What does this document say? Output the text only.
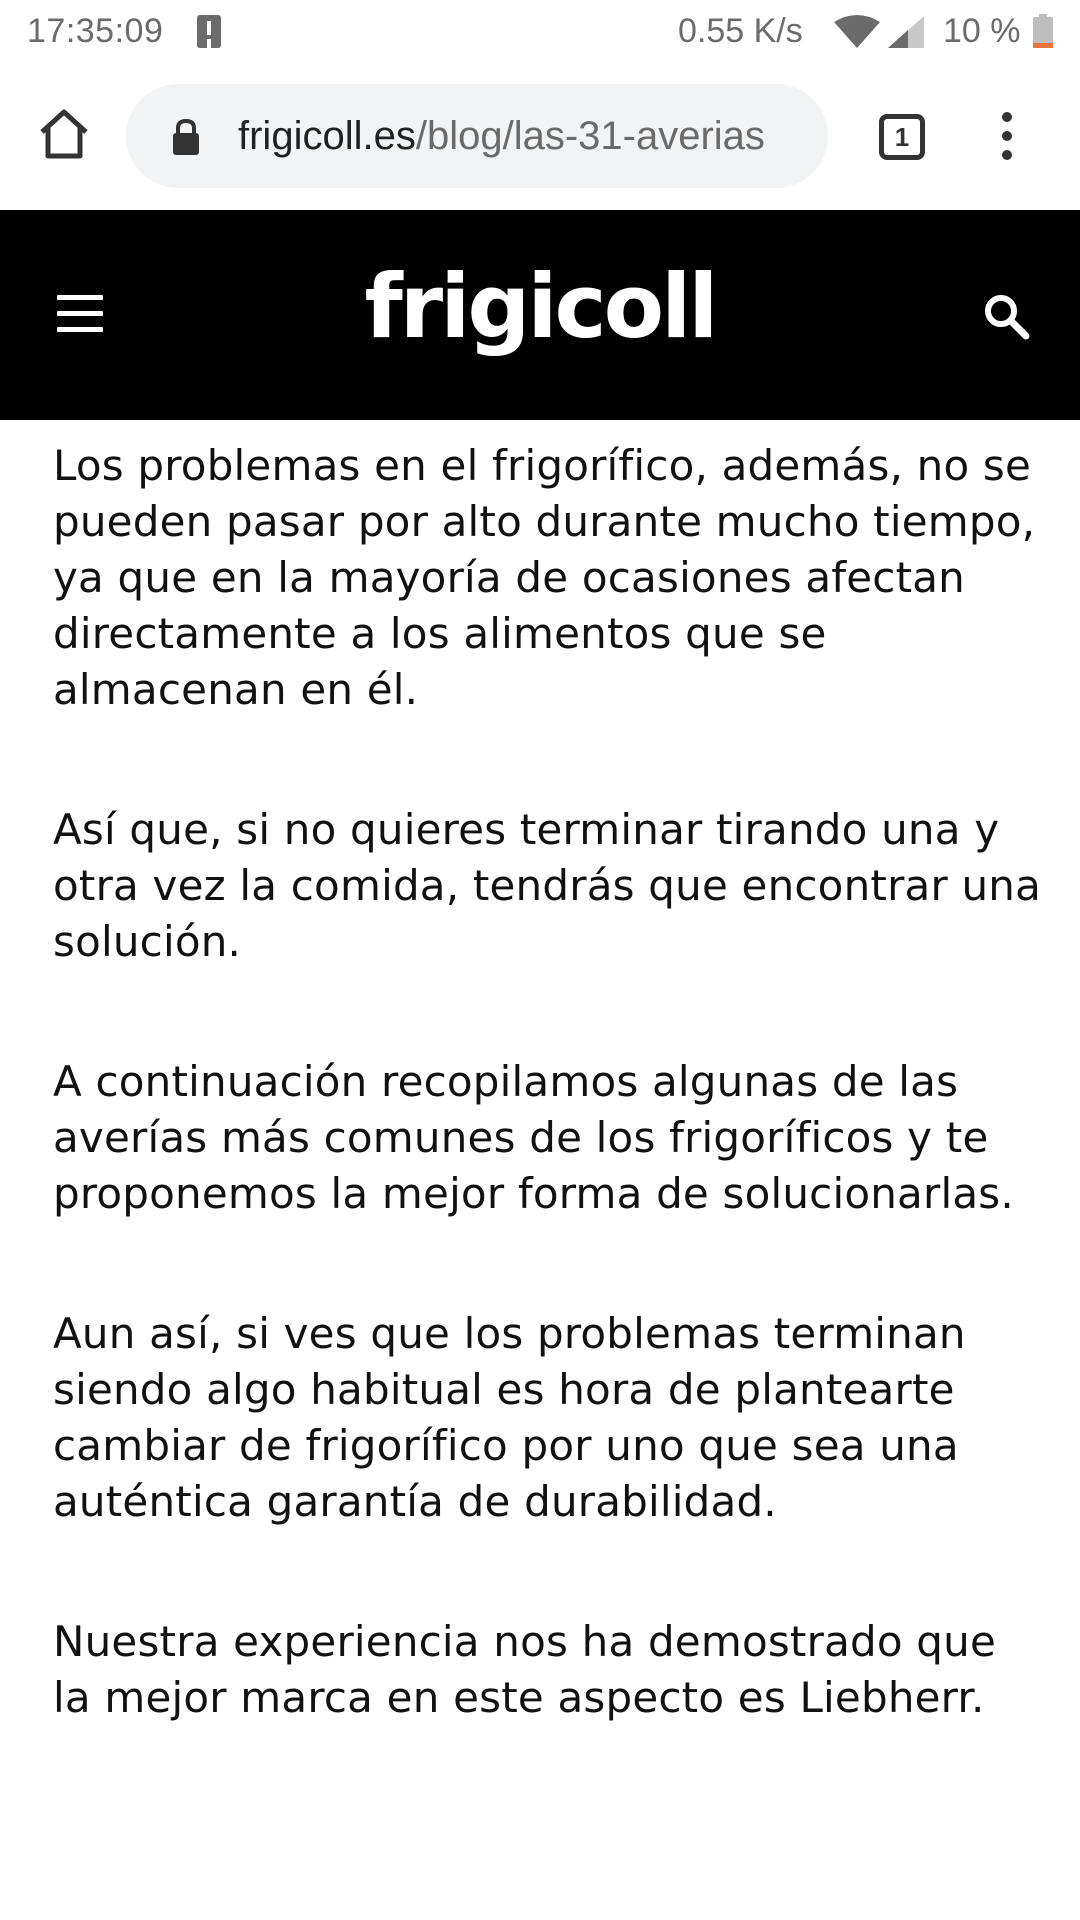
17:35:09	0.55 K/s	10 %
frigicoll.es/blog/las-31-averias	1
frigicoll

Los problemas en el frigorífico, además, no se pueden pasar por alto durante mucho tiempo, ya que en la mayoría de ocasiones afectan directamente a los alimentos que se almacenan en él.

Así que, si no quieres terminar tirando una y otra vez la comida, tendrás que encontrar una solución.

A continuación recopilamos algunas de las averías más comunes de los frigoríficos y te proponemos la mejor forma de solucionarlas.

Aun así, si ves que los problemas terminan siendo algo habitual es hora de plantearte cambiar de frigorífico por uno que sea una auténtica garantía de durabilidad.

Nuestra experiencia nos ha demostrado que la mejor marca en este aspecto es Liebherr.
